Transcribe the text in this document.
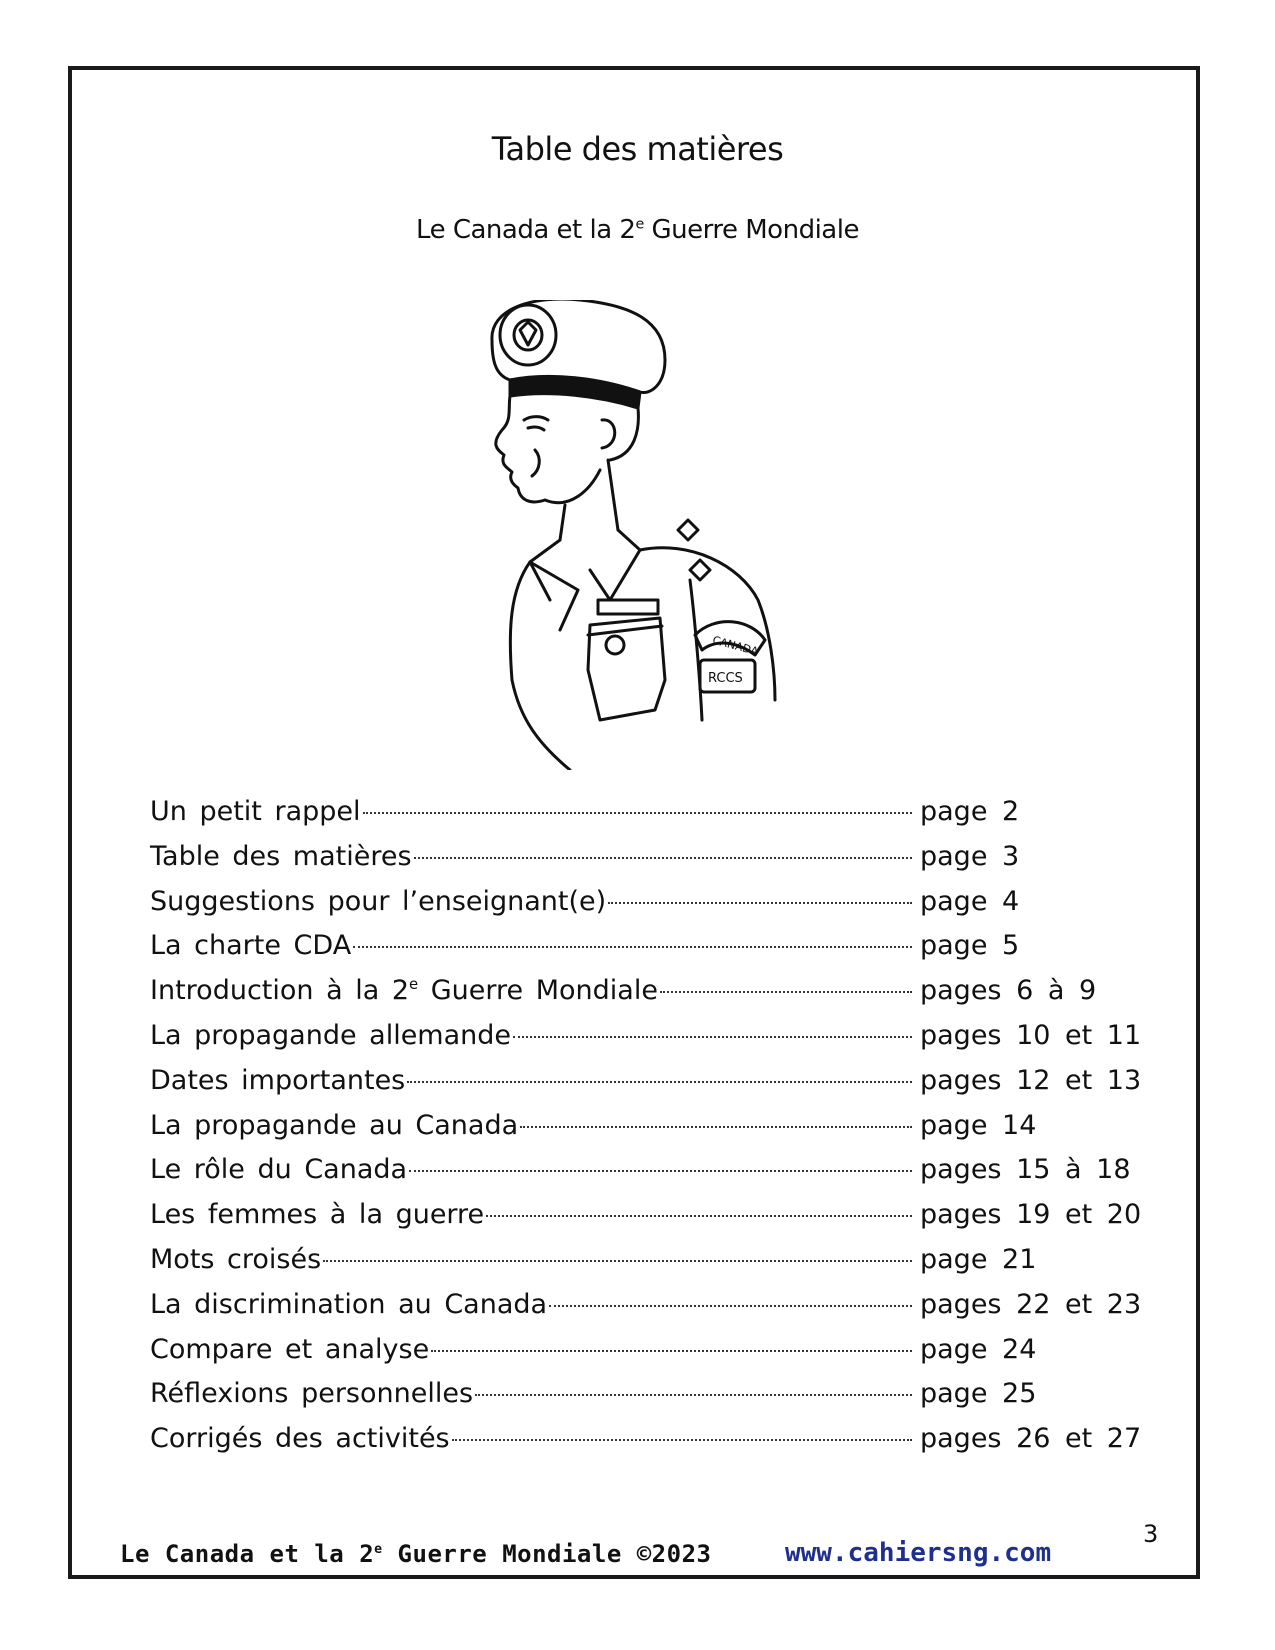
Table des matières
Le Canada et la 2e Guerre Mondiale
CANADA
RCCS
Un petit rappel	page 2
Table des matières	page 3
Suggestions pour l’enseignant(e)	page 4
La charte CDA	page 5
Introduction à la 2e Guerre Mondiale	pages 6 à 9
La propagande allemande	pages 10 et 11
Dates importantes	pages 12 et 13
La propagande au Canada	page 14
Le rôle du Canada	pages 15 à 18
Les femmes à la guerre	pages 19 et 20
Mots croisés	page 21
La discrimination au Canada	pages 22 et 23
Compare et analyse	page 24
Réflexions personnelles	page 25
Corrigés des activités	pages 26 et 27
Le Canada et la 2e Guerre Mondiale ©2023	www.cahiersng.com
3
